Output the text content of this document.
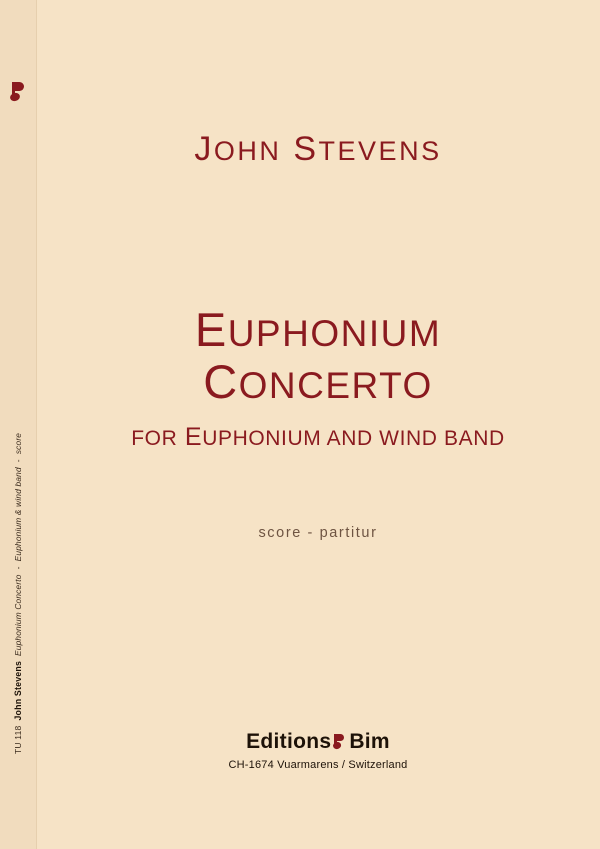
TU 118John StevensEuphonium Concerto-Euphonium & wind band-score
JOHN STEVENS
EUPHONIUM
CONCERTO
FOR EUPHONIUM AND WIND BAND
score - partitur
Editions Bim
CH-1674 Vuarmarens / Switzerland
